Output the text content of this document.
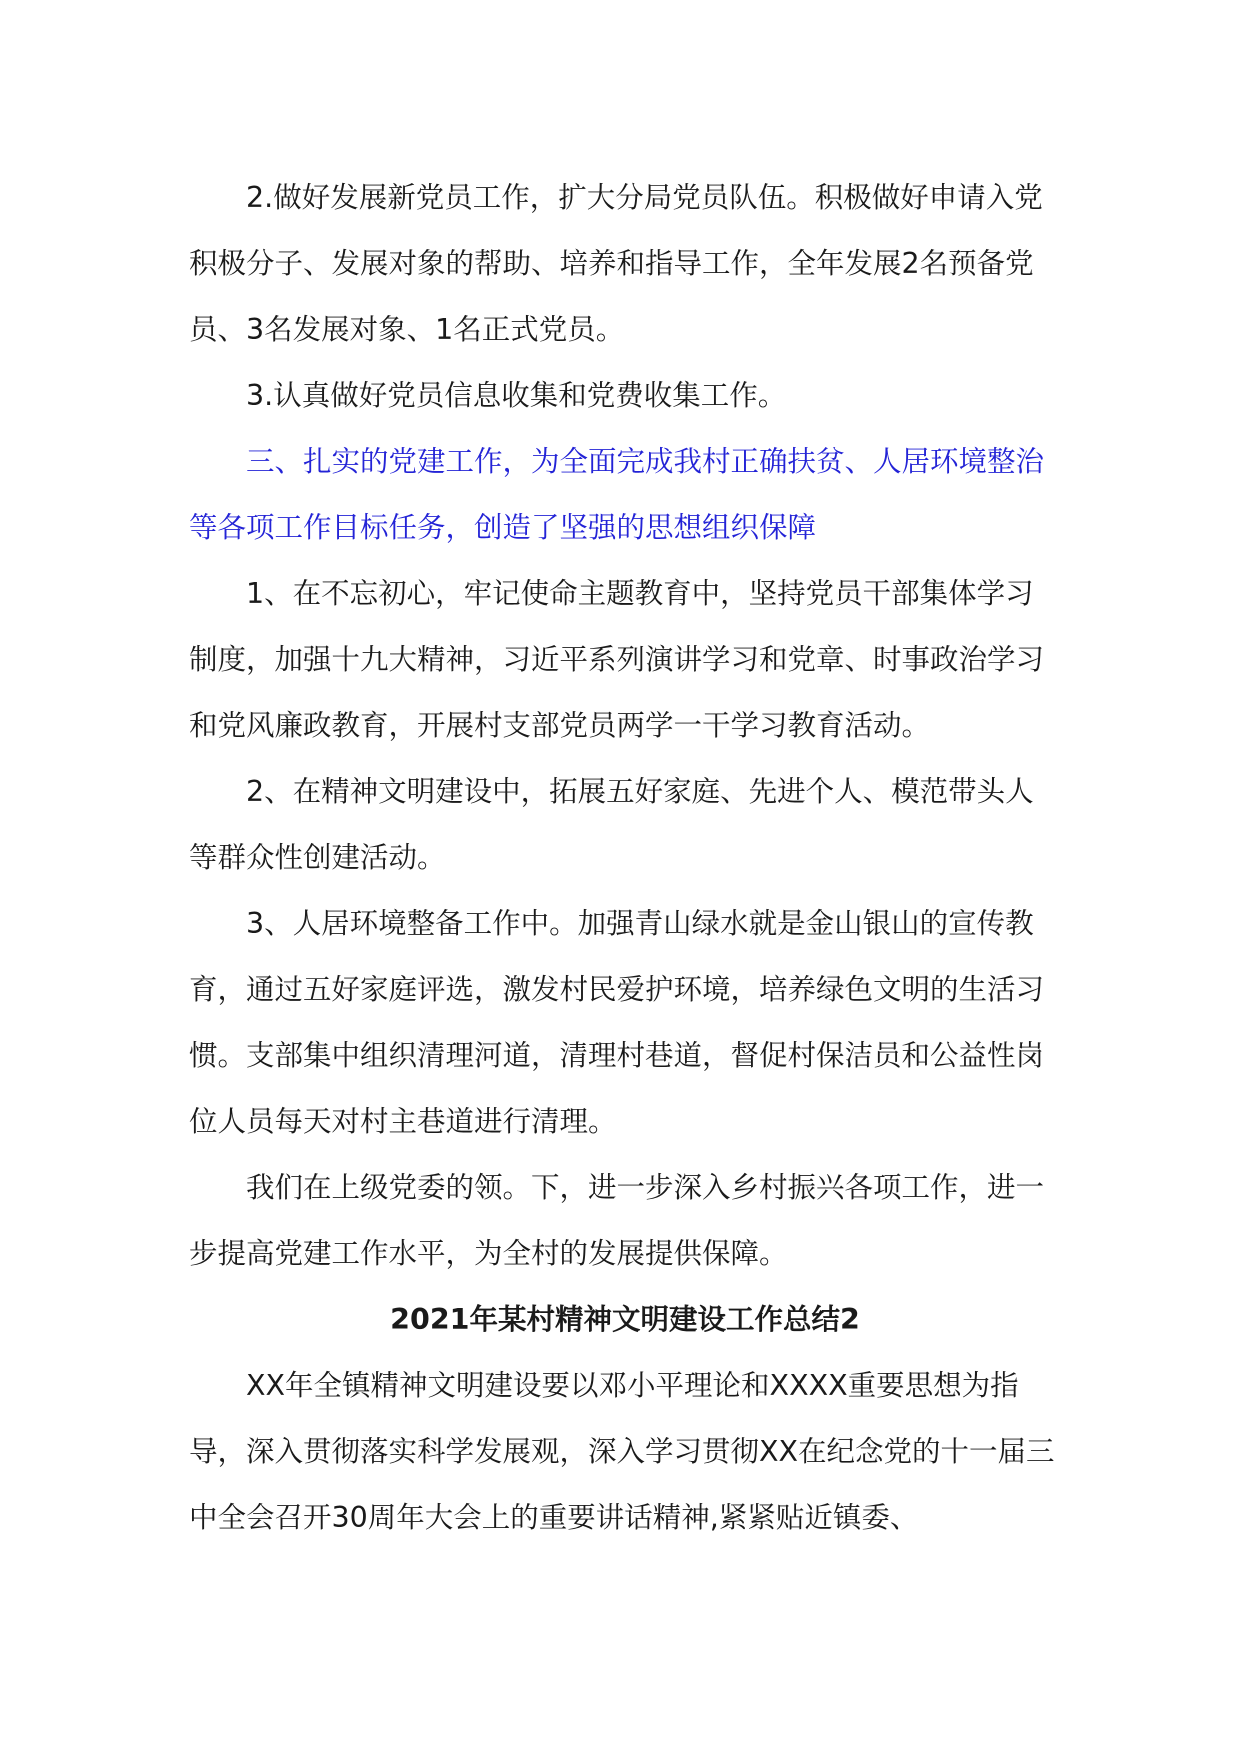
2.做好发展新党员工作，扩大分局党员队伍。积极做好申请入党积极分子、发展对象的帮助、培养和指导工作，全年发展2名预备党员、3名发展对象、1名正式党员。

3.认真做好党员信息收集和党费收集工作。

三、扎实的党建工作，为全面完成我村正确扶贫、人居环境整治等各项工作目标任务，创造了坚强的思想组织保障

1、在不忘初心，牢记使命主题教育中，坚持党员干部集体学习制度，加强十九大精神，习近平系列演讲学习和党章、时事政治学习和党风廉政教育，开展村支部党员两学一干学习教育活动。

2、在精神文明建设中，拓展五好家庭、先进个人、模范带头人等群众性创建活动。

3、人居环境整备工作中。加强青山绿水就是金山银山的宣传教育，通过五好家庭评选，激发村民爱护环境，培养绿色文明的生活习惯。支部集中组织清理河道，清理村巷道，督促村保洁员和公益性岗位人员每天对村主巷道进行清理。

我们在上级党委的领。下，进一步深入乡村振兴各项工作，进一步提高党建工作水平，为全村的发展提供保障。

2021年某村精神文明建设工作总结2

XX年全镇精神文明建设要以邓小平理论和XXXX重要思想为指导，深入贯彻落实科学发展观，深入学习贯彻XX在纪念党的十一届三中全会召开30周年大会上的重要讲话精神,紧紧贴近镇委、
